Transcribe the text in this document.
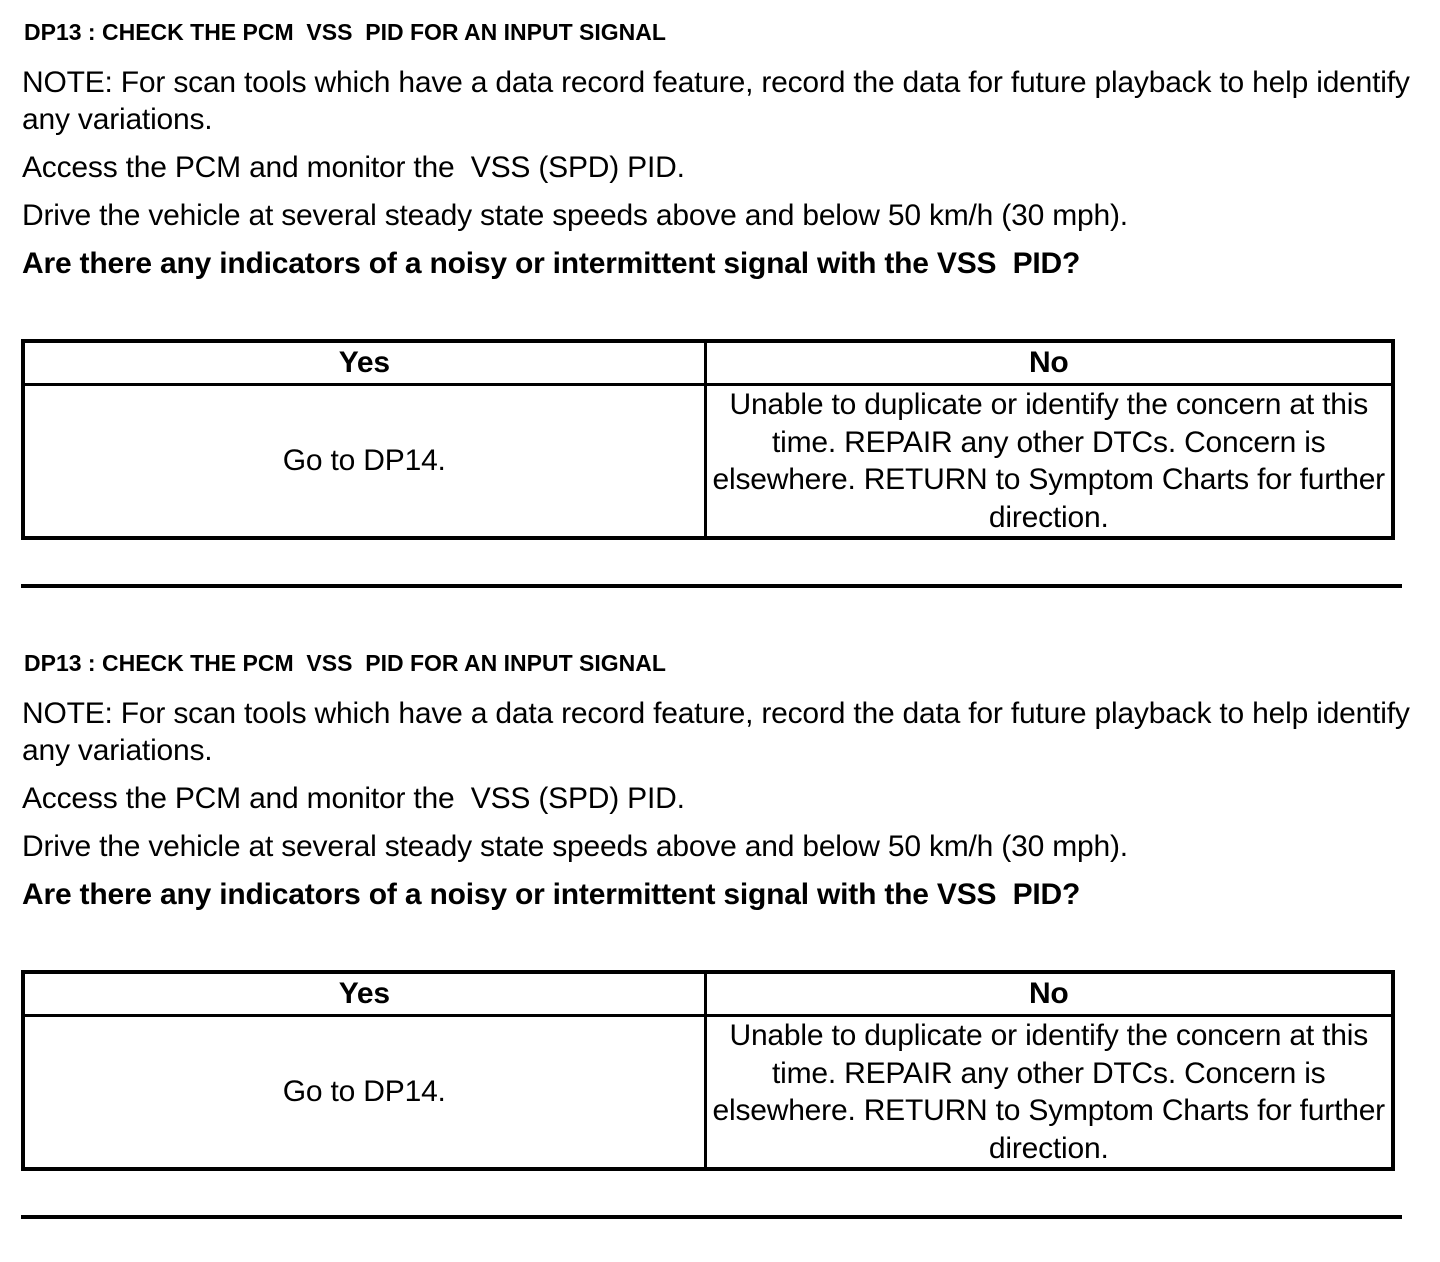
DP13 : CHECK THE PCM  VSS  PID FOR AN INPUT SIGNAL
NOTE: For scan tools which have a data record feature, record the data for future playback to help identify any variations.
Access the PCM and monitor the  VSS (SPD) PID.
Drive the vehicle at several steady state speeds above and below 50 km/h (30 mph).
Are there any indicators of a noisy or intermittent signal with the VSS  PID?
Yes	No
Go to DP14.	Unable to duplicate or identify the concern at this time. REPAIR any other DTCs. Concern is elsewhere. RETURN to Symptom Charts for further direction.
DP13 : CHECK THE PCM  VSS  PID FOR AN INPUT SIGNAL
NOTE: For scan tools which have a data record feature, record the data for future playback to help identify any variations.
Access the PCM and monitor the  VSS (SPD) PID.
Drive the vehicle at several steady state speeds above and below 50 km/h (30 mph).
Are there any indicators of a noisy or intermittent signal with the VSS  PID?
Yes	No
Go to DP14.	Unable to duplicate or identify the concern at this time. REPAIR any other DTCs. Concern is elsewhere. RETURN to Symptom Charts for further direction.
